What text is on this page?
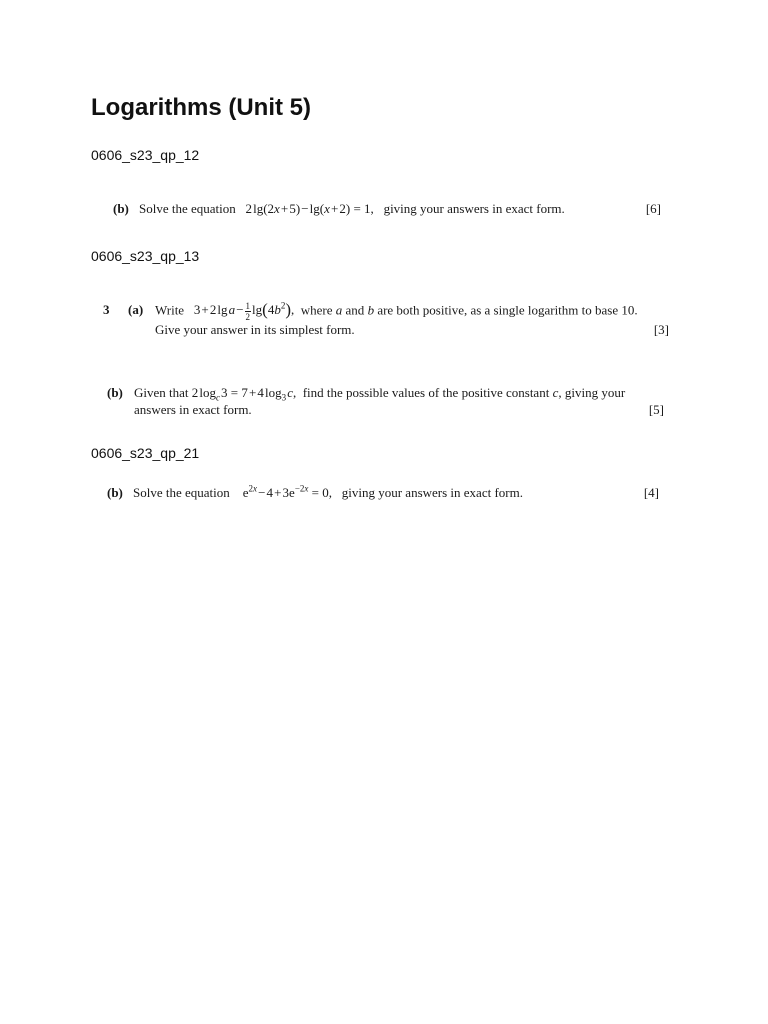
Logarithms (Unit 5)
0606_s23_qp_12
(b) Solve the equation 2 lg(2x + 5) − lg(x + 2) = 1, giving your answers in exact form.	[6]
0606_s23_qp_13
3 (a) Write 3 + 2 lg a − $\frac{1}{2} \lg(4b^2)$, where a and b are both positive, as a single logarithm to base 10.
Give your answer in its simplest form.	[3]
(b) Given that 2 $\log_c$ 3 = 7 + 4 $\log_3$ c, find the possible values of the positive constant c, giving your
answers in exact form.	[5]
0606_s23_qp_21
(b) Solve the equation $e^{2x}$ − 4 + $3e^{-2x} = 0$, giving your answers in exact form.	[4]
